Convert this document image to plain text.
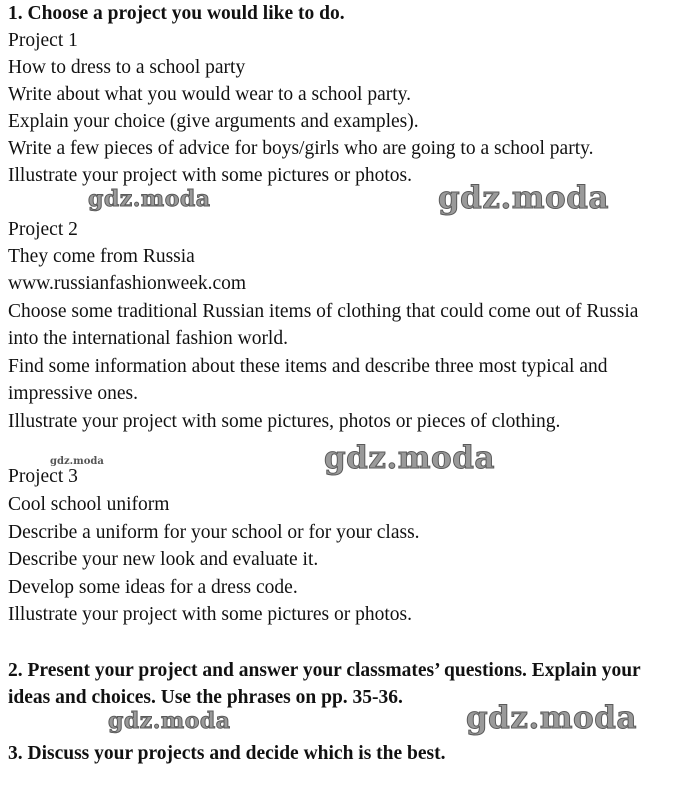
1. Choose a project you would like to do.

Project 1

How to dress to a school party

Write about what you would wear to a school party.

Explain your choice (give arguments and examples).

Write a few pieces of advice for boys/girls who are going to a school party.

Illustrate your project with some pictures or photos.

Project 2

They come from Russia

www.russianfashionweek.com

Choose some traditional Russian items of clothing that could come out of Russia

into the international fashion world.

Find some information about these items and describe three most typical and

impressive ones.

Illustrate your project with some pictures, photos or pieces of clothing.

Project 3

Cool school uniform

Describe a uniform for your school or for your class.

Describe your new look and evaluate it.

Develop some ideas for a dress code.

Illustrate your project with some pictures or photos.

2. Present your project and answer your classmates’ questions. Explain your

ideas and choices. Use the phrases on pp. 35-36.

3. Discuss your projects and decide which is the best.

gdz.moda	gdz.moda
gdz.moda	gdz.moda
gdz.moda	gdz.moda
